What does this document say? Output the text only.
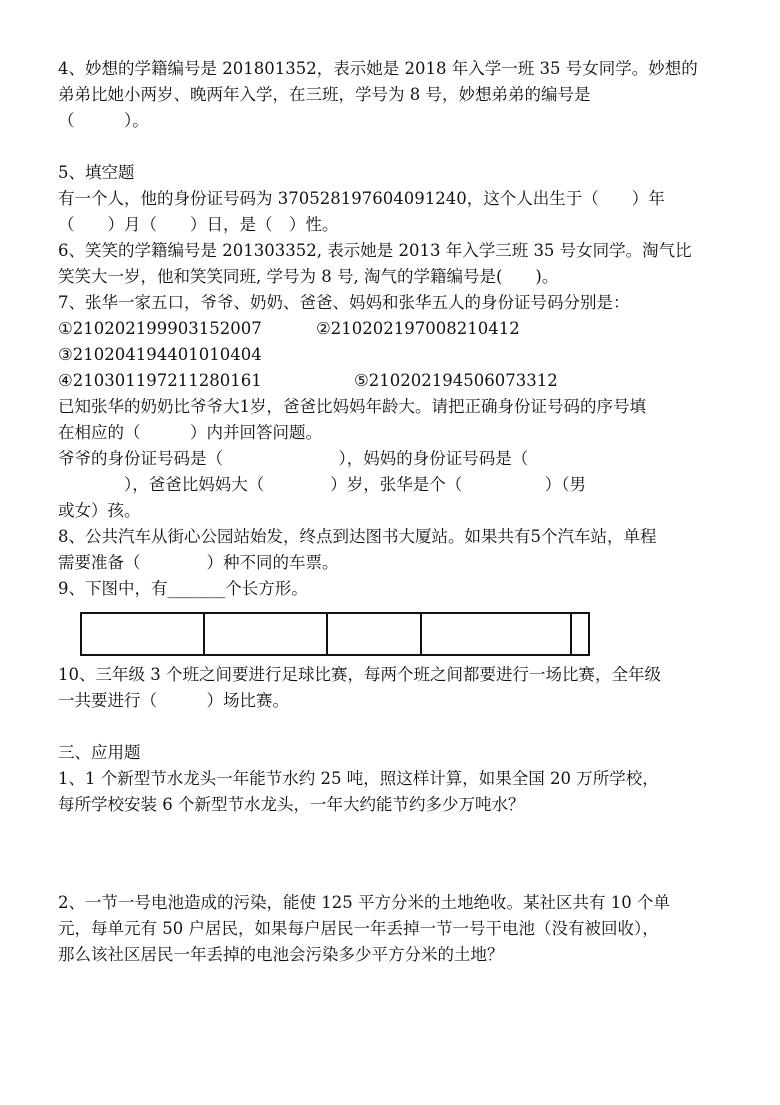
4、妙想的学籍编号是 201801352，表示她是 2018 年入学一班 35 号女同学。妙想的
弟弟比她小两岁、晚两年入学，在三班，学号为 8 号，妙想弟弟的编号是
（　　　）。
5、填空题
有一个人，他的身份证号码为 370528197604091240，这个人出生于（　　）年
（　　）月（　　）日，是（　）性。
6、笑笑的学籍编号是 201303352, 表示她是 2013 年入学三班 35 号女同学。淘气比
笑笑大一岁，他和笑笑同班, 学号为 8 号, 淘气的学籍编号是(　　)。
7、张华一家五口，爷爷、奶奶、爸爸、妈妈和张华五人的身份证号码分别是：
①210202199903152007	②210202197008210412
③210204194401010404
④210301197211280161	⑤210202194506073312
已知张华的奶奶比爷爷大1岁，爸爸比妈妈年龄大。请把正确身份证号码的序号填
在相应的（　　　）内并回答问题。
爷爷的身份证号码是（　　　　　　　），妈妈的身份证号码是（
　　　　），爸爸比妈妈大（　　　　）岁，张华是个（　　　　　）（男
或女）孩。
8、公共汽车从街心公园站始发，终点到达图书大厦站。如果共有5个汽车站，单程
需要准备（　　　　）种不同的车票。
9、下图中，有_______个长方形。
10、三年级 3 个班之间要进行足球比赛，每两个班之间都要进行一场比赛，全年级
一共要进行（　　　）场比赛。
三、应用题
1、1 个新型节水龙头一年能节水约 25 吨，照这样计算，如果全国 20 万所学校，
每所学校安装 6 个新型节水龙头，一年大约能节约多少万吨水？
2、一节一号电池造成的污染，能使 125 平方分米的土地绝收。某社区共有 10 个单
元，每单元有 50 户居民，如果每户居民一年丢掉一节一号干电池（没有被回收），
那么该社区居民一年丢掉的电池会污染多少平方分米的土地？
